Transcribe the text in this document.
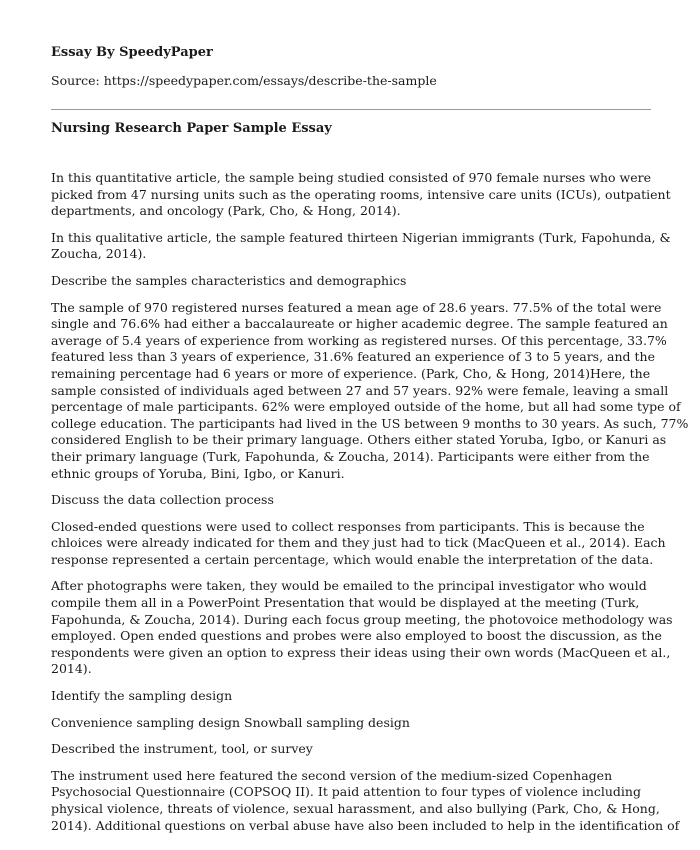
Essay By SpeedyPaper

Source: https://speedypaper.com/essays/describe-the-sample

Nursing Research Paper Sample Essay

In this quantitative article, the sample being studied consisted of 970 female nurses who were
picked from 47 nursing units such as the operating rooms, intensive care units (ICUs), outpatient
departments, and oncology (Park, Cho, & Hong, 2014).

In this qualitative article, the sample featured thirteen Nigerian immigrants (Turk, Fapohunda, &
Zoucha, 2014).

Describe the samples characteristics and demographics

The sample of 970 registered nurses featured a mean age of 28.6 years. 77.5% of the total were
single and 76.6% had either a baccalaureate or higher academic degree. The sample featured an
average of 5.4 years of experience from working as registered nurses. Of this percentage, 33.7%
featured less than 3 years of experience, 31.6% featured an experience of 3 to 5 years, and the
remaining percentage had 6 years or more of experience. (Park, Cho, & Hong, 2014)Here, the
sample consisted of individuals aged between 27 and 57 years. 92% were female, leaving a small
percentage of male participants. 62% were employed outside of the home, but all had some type of
college education. The participants had lived in the US between 9 months to 30 years. As such, 77%
considered English to be their primary language. Others either stated Yoruba, Igbo, or Kanuri as
their primary language (Turk, Fapohunda, & Zoucha, 2014). Participants were either from the
ethnic groups of Yoruba, Bini, Igbo, or Kanuri.

Discuss the data collection process

Closed-ended questions were used to collect responses from participants. This is because the
chloices were already indicated for them and they just had to tick (MacQueen et al., 2014). Each
response represented a certain percentage, which would enable the interpretation of the data.

After photographs were taken, they would be emailed to the principal investigator who would
compile them all in a PowerPoint Presentation that would be displayed at the meeting (Turk,
Fapohunda, & Zoucha, 2014). During each focus group meeting, the photovoice methodology was
employed. Open ended questions and probes were also employed to boost the discussion, as the
respondents were given an option to express their ideas using their own words (MacQueen et al.,
2014).

Identify the sampling design

Convenience sampling design Snowball sampling design

Described the instrument, tool, or survey

The instrument used here featured the second version of the medium-sized Copenhagen
Psychosocial Questionnaire (COPSOQ II). It paid attention to four types of violence including
physical violence, threats of violence, sexual harassment, and also bullying (Park, Cho, & Hong,
2014). Additional questions on verbal abuse have also been included to help in the identification of
